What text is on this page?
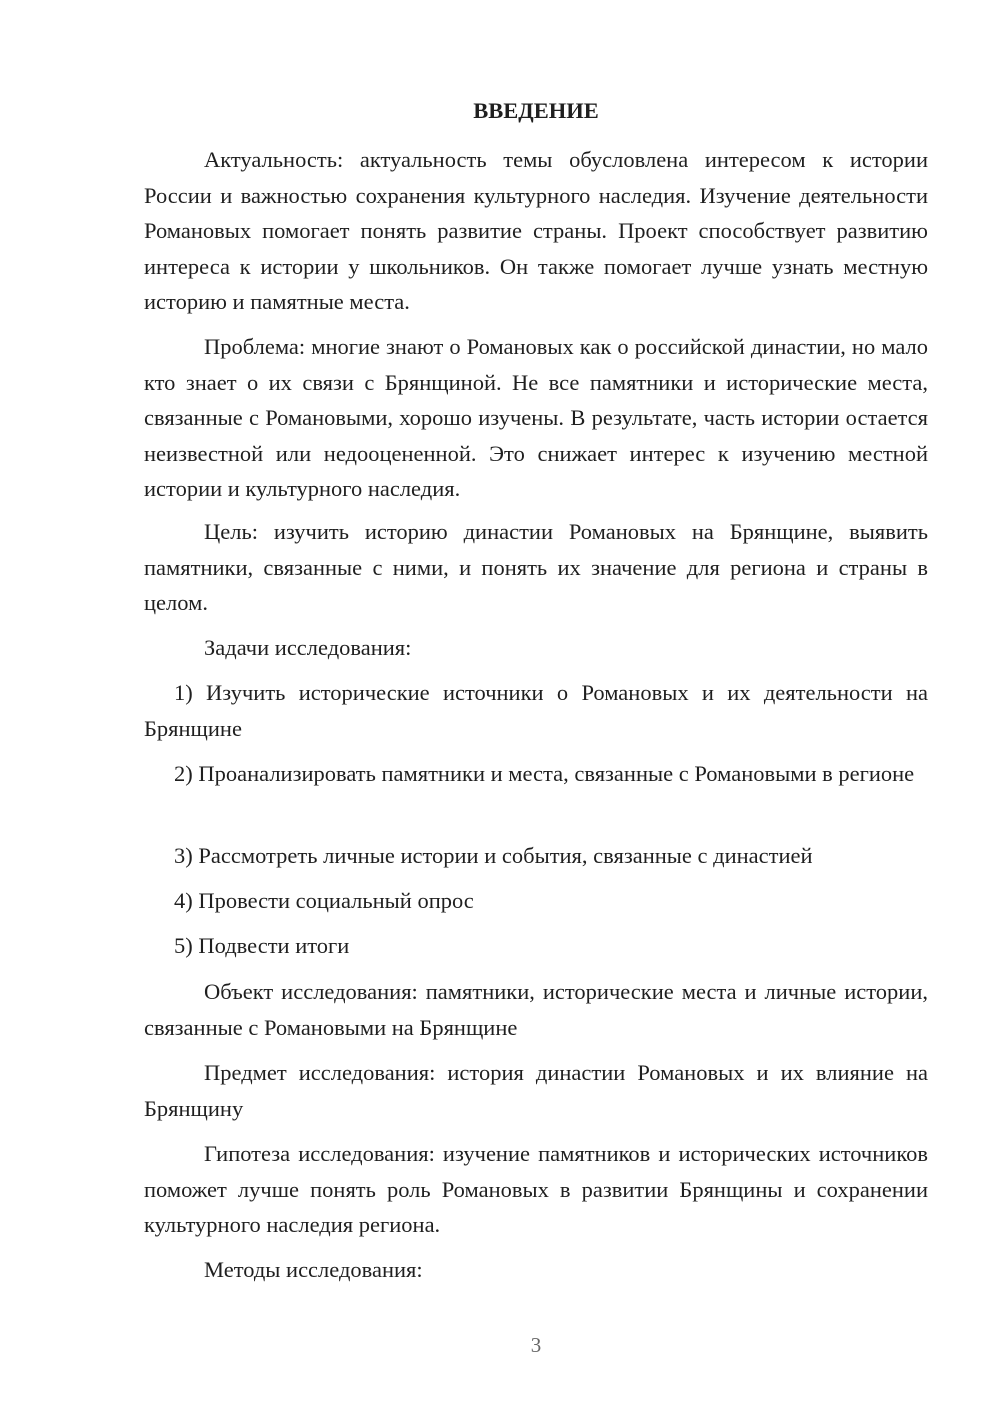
ВВЕДЕНИЕ

Актуальность: актуальность темы обусловлена интересом к истории России и важностью сохранения культурного наследия. Изучение деятельности Романовых помогает понять развитие страны. Проект способствует развитию интереса к истории у школьников. Он также помогает лучше узнать местную историю и памятные места.

Проблема: многие знают о Романовых как о российской династии, но мало кто знает о их связи с Брянщиной. Не все памятники и исторические места, связанные с Романовыми, хорошо изучены. В результате, часть истории остается неизвестной или недооцененной. Это снижает интерес к изучению местной истории и культурного наследия.

Цель: изучить историю династии Романовых на Брянщине, выявить памятники, связанные с ними, и понять их значение для региона и страны в целом.

Задачи исследования:

1) Изучить исторические источники о Романовых и их деятельности на Брянщине

2) Проанализировать памятники и места, связанные с Романовыми в регионе

3) Рассмотреть личные истории и события, связанные с династией

4) Провести социальный опрос

5) Подвести итоги

Объект исследования: памятники, исторические места и личные истории, связанные с Романовыми на Брянщине

Предмет исследования: история династии Романовых и их влияние на Брянщину

Гипотеза исследования: изучение памятников и исторических источников поможет лучше понять роль Романовых в развитии Брянщины и сохранении культурного наследия региона.

Методы исследования:

3
